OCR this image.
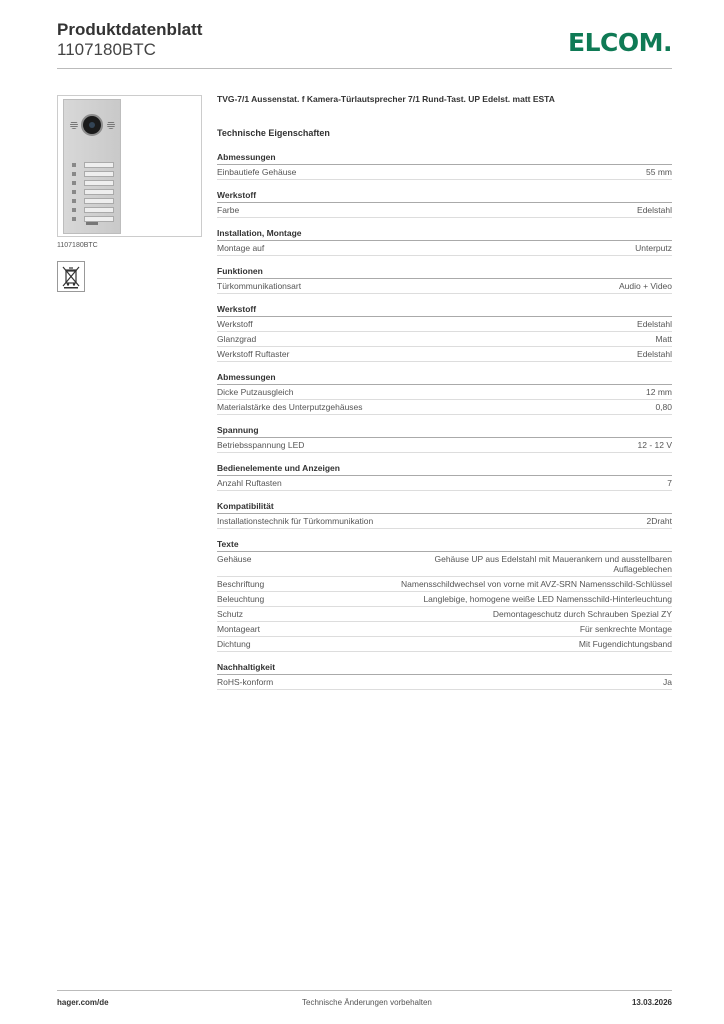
Produktdatenblatt
1107180BTC	ELCOM.
1107180BTC
TVG-7/1 Aussenstat. f Kamera-Türlautsprecher 7/1 Rund-Tast. UP Edelst. matt ESTA
Technische Eigenschaften
Abmessungen
Einbautiefe Gehäuse	55 mm
Werkstoff
Farbe	Edelstahl
Installation, Montage
Montage auf	Unterputz
Funktionen
Türkommunikationsart	Audio + Video
Werkstoff
Werkstoff	Edelstahl
Glanzgrad	Matt
Werkstoff Ruftaster	Edelstahl
Abmessungen
Dicke Putzausgleich	12 mm
Materialstärke des Unterputzgehäuses	0,80
Spannung
Betriebsspannung LED	12 - 12 V
Bedienelemente und Anzeigen
Anzahl Ruftasten	7
Kompatibilität
Installationstechnik für Türkommunikation	2Draht
Texte
Gehäuse	Gehäuse UP aus Edelstahl mit Mauerankern und ausstellbaren Auflageblechen
Beschriftung	Namensschildwechsel von vorne mit AVZ-SRN Namensschild-Schlüssel
Beleuchtung	Langlebige, homogene weiße LED Namensschild-Hinterleuchtung
Schutz	Demontageschutz durch Schrauben Spezial ZY
Montageart	Für senkrechte Montage
Dichtung	Mit Fugendichtungsband
Nachhaltigkeit
RoHS-konform	Ja
hager.com/de	Technische Änderungen vorbehalten	13.03.2026
